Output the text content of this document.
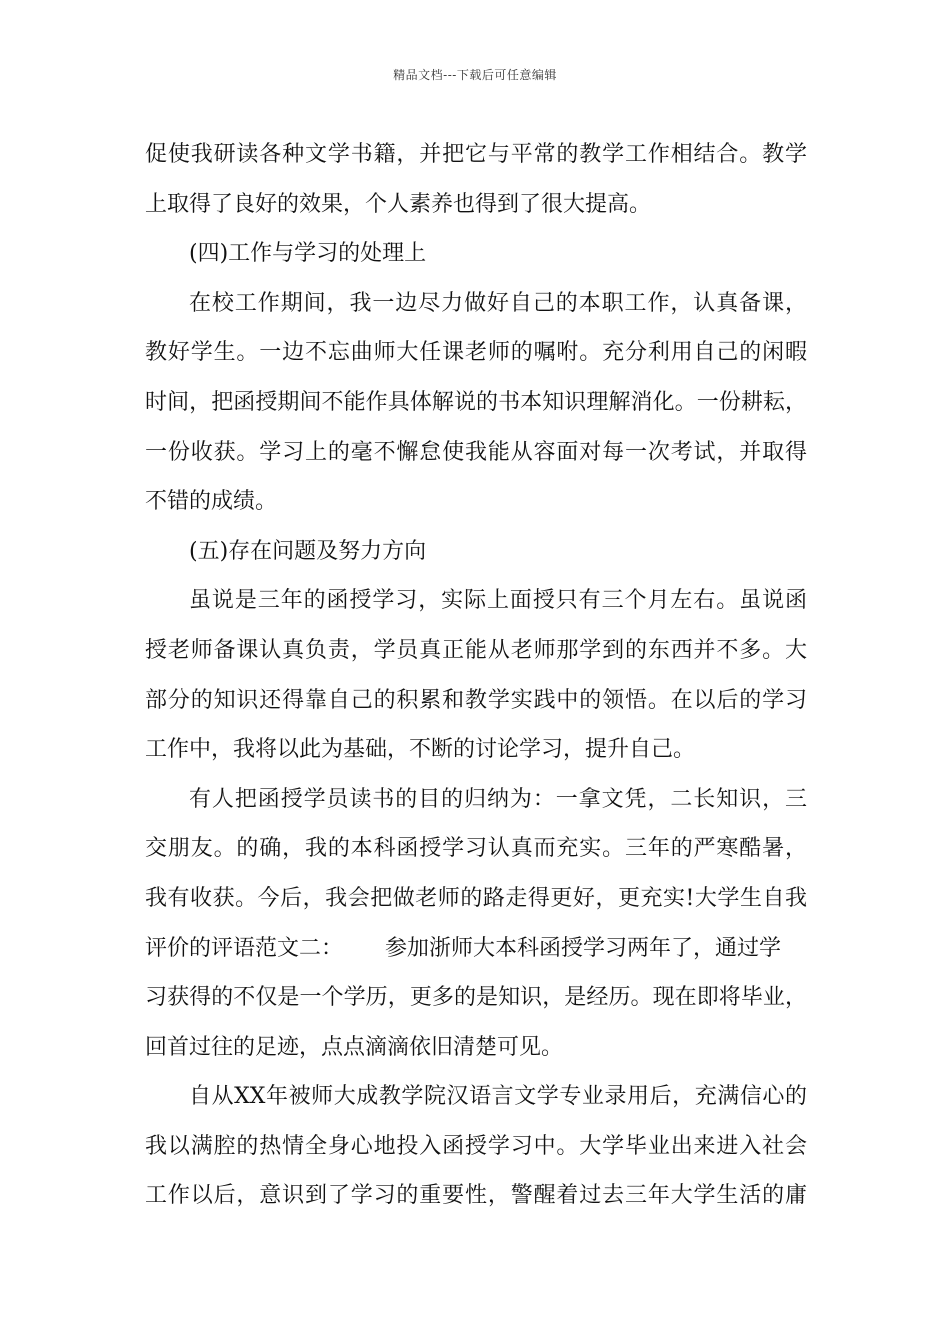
精品文档---下载后可任意编辑
促使我研读各种文学书籍，并把它与平常的教学工作相结合。教学
上取得了良好的效果，个人素养也得到了很大提高。
(四)工作与学习的处理上
在校工作期间，我一边尽力做好自己的本职工作，认真备课，
教好学生。一边不忘曲师大任课老师的嘱咐。充分利用自己的闲暇
时间，把函授期间不能作具体解说的书本知识理解消化。一份耕耘，
一份收获。学习上的毫不懈怠使我能从容面对每一次考试，并取得
不错的成绩。
(五)存在问题及努力方向
虽说是三年的函授学习，实际上面授只有三个月左右。虽说函
授老师备课认真负责，学员真正能从老师那学到的东西并不多。大
部分的知识还得靠自己的积累和教学实践中的领悟。在以后的学习
工作中，我将以此为基础，不断的讨论学习，提升自己。
有人把函授学员读书的目的归纳为：一拿文凭，二长知识，三
交朋友。的确，我的本科函授学习认真而充实。三年的严寒酷暑，
我有收获。今后，我会把做老师的路走得更好，更充实!大学生自我
评价的评语范文二：      参加浙师大本科函授学习两年了，通过学
习获得的不仅是一个学历，更多的是知识，是经历。现在即将毕业，
回首过往的足迹，点点滴滴依旧清楚可见。
自从XX年被师大成教学院汉语言文学专业录用后，充满信心的
我以满腔的热情全身心地投入函授学习中。大学毕业出来进入社会
工作以后，意识到了学习的重要性，警醒着过去三年大学生活的庸
